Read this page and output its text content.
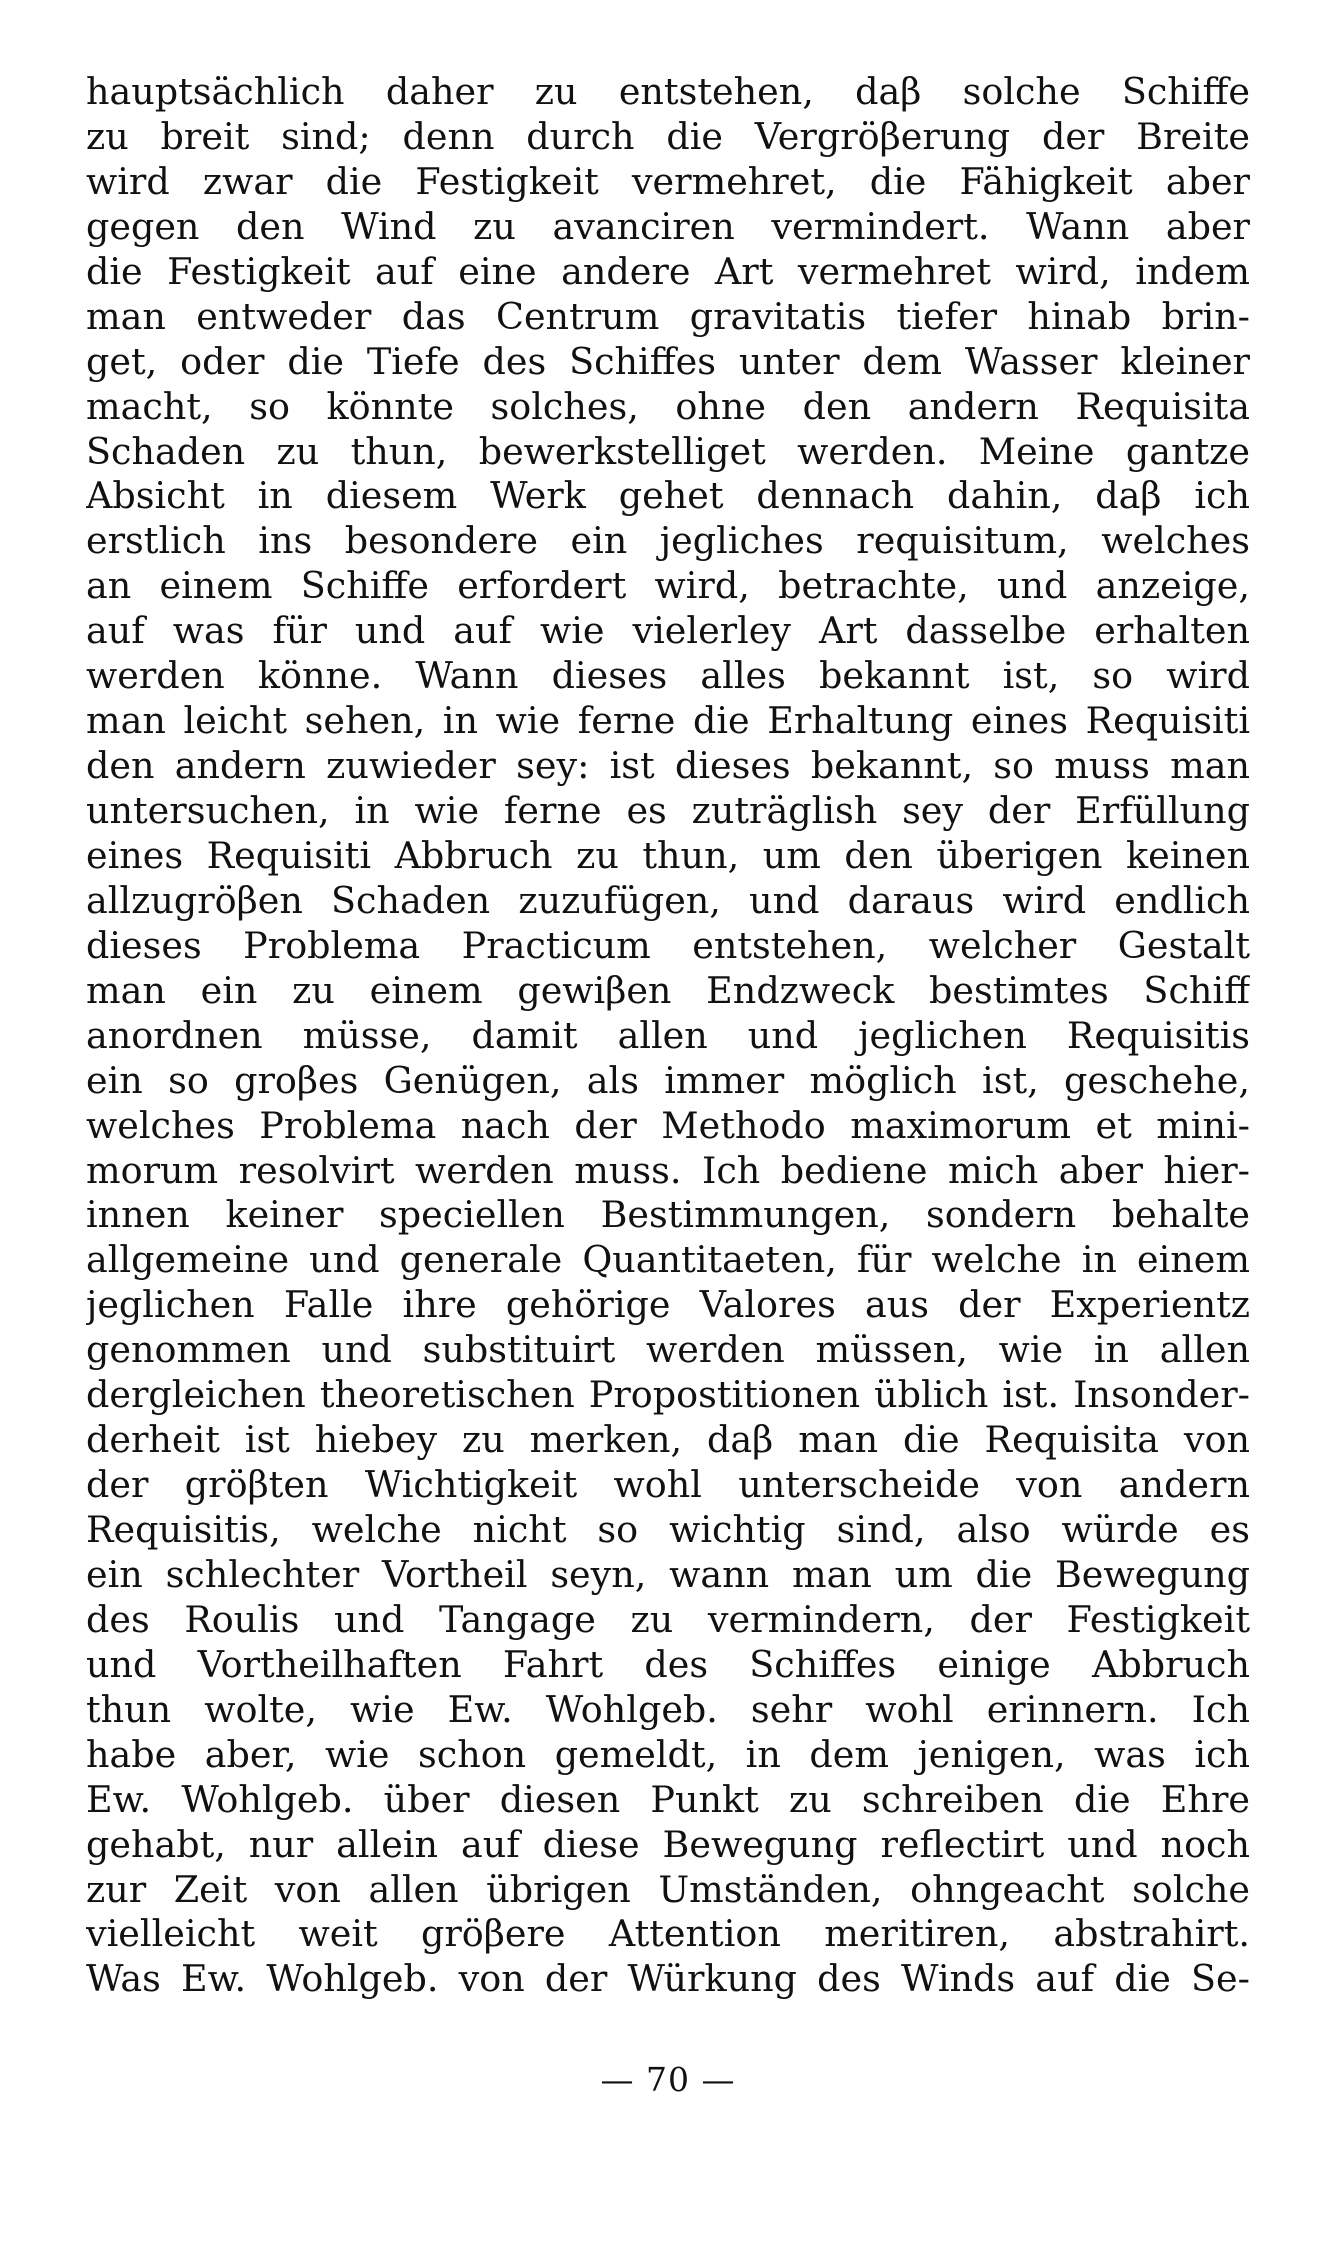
hauptsächlich daher zu entstehen, daβ solche Schiffe
zu breit sind; denn durch die Vergröβerung der Breite
wird zwar die Festigkeit vermehret, die Fähigkeit aber
gegen den Wind zu avanciren vermindert. Wann aber
die Festigkeit auf eine andere Art vermehret wird, indem
man entweder das Centrum gravitatis tiefer hinab brin-
get, oder die Tiefe des Schiffes unter dem Wasser kleiner
macht, so könnte solches, ohne den andern Requisita
Schaden zu thun, bewerkstelliget werden. Meine gantze
Absicht in diesem Werk gehet dennach dahin, daβ ich
erstlich ins besondere ein jegliches requisitum, welches
an einem Schiffe erfordert wird, betrachte, und anzeige,
auf was für und auf wie vielerley Art dasselbe erhalten
werden könne. Wann dieses alles bekannt ist, so wird
man leicht sehen, in wie ferne die Erhaltung eines Requisiti
den andern zuwieder sey: ist dieses bekannt, so muss man
untersuchen, in wie ferne es zuträglish sey der Erfüllung
eines Requisiti Abbruch zu thun, um den überigen keinen
allzugröβen Schaden zuzufügen, und daraus wird endlich
dieses Problema Practicum entstehen, welcher Gestalt
man ein zu einem gewiβen Endzweck bestimtes Schiff
anordnen müsse, damit allen und jeglichen Requisitis
ein so groβes Genügen, als immer möglich ist, geschehe,
welches Problema nach der Methodo maximorum et mini-
morum resolvirt werden muss. Ich bediene mich aber hier-
innen keiner speciellen Bestimmungen, sondern behalte
allgemeine und generale Quantitaeten, für welche in einem
jeglichen Falle ihre gehörige Valores aus der Experientz
genommen und substituirt werden müssen, wie in allen
dergleichen theoretischen Propostitionen üblich ist. Insonder-
derheit ist hiebey zu merken, daβ man die Requisita von
der gröβten Wichtigkeit wohl unterscheide von andern
Requisitis, welche nicht so wichtig sind, also würde es
ein schlechter Vortheil seyn, wann man um die Bewegung
des Roulis und Tangage zu vermindern, der Festigkeit
und Vortheilhaften Fahrt des Schiffes einige Abbruch
thun wolte, wie Ew. Wohlgeb. sehr wohl erinnern. Ich
habe aber, wie schon gemeldt, in dem jenigen, was ich
Ew. Wohlgeb. über diesen Punkt zu schreiben die Ehre
gehabt, nur allein auf diese Bewegung reflectirt und noch
zur Zeit von allen übrigen Umständen, ohngeacht solche
vielleicht weit gröβere Attention meritiren, abstrahirt.
Was Ew. Wohlgeb. von der Würkung des Winds auf die Se-
— 70 —
